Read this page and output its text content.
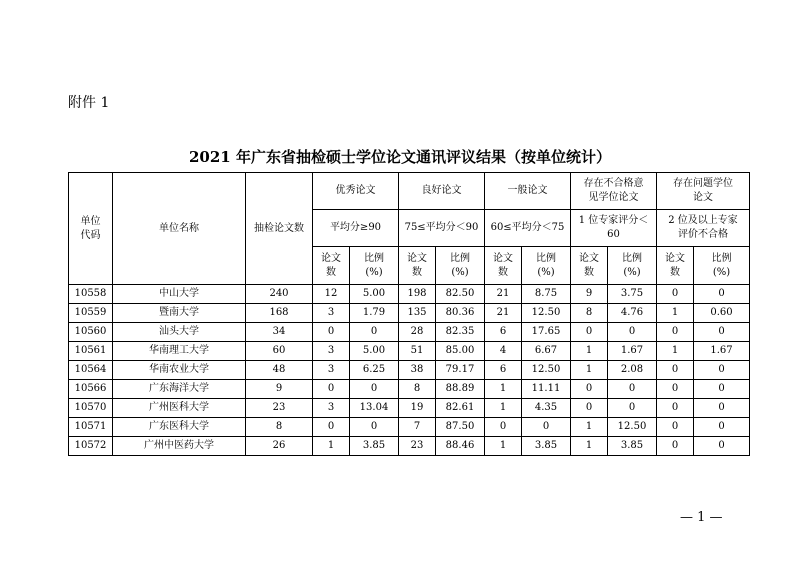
附件 1
2021 年广东省抽检硕士学位论文通讯评议结果（按单位统计）
单位
代码	单位名称	抽检论文数	优秀论文		良好论文		一般论文		存在不合格意
见学位论文		存在问题学位
论文	
			平均分≥90		75≤平均分＜90		60≤平均分＜75		1 位专家评分＜
60		2 位及以上专家
评价不合格	
			论文
数	比例
(%)	论文
数	比例
(%)	论文
数	比例
(%)	论文
数	比例
(%)	论文
数	比例
(%)
10558	中山大学	240	12	5.00	198	82.50	21	8.75	9	3.75	0	0
10559	暨南大学	168	3	1.79	135	80.36	21	12.50	8	4.76	1	0.60
10560	汕头大学	34	0	0	28	82.35	6	17.65	0	0	0	0
10561	华南理工大学	60	3	5.00	51	85.00	4	6.67	1	1.67	1	1.67
10564	华南农业大学	48	3	6.25	38	79.17	6	12.50	1	2.08	0	0
10566	广东海洋大学	9	0	0	8	88.89	1	11.11	0	0	0	0
10570	广州医科大学	23	3	13.04	19	82.61	1	4.35	0	0	0	0
10571	广东医科大学	8	0	0	7	87.50	0	0	1	12.50	0	0
10572	广州中医药大学	26	1	3.85	23	88.46	1	3.85	1	3.85	0	0
— 1 —
